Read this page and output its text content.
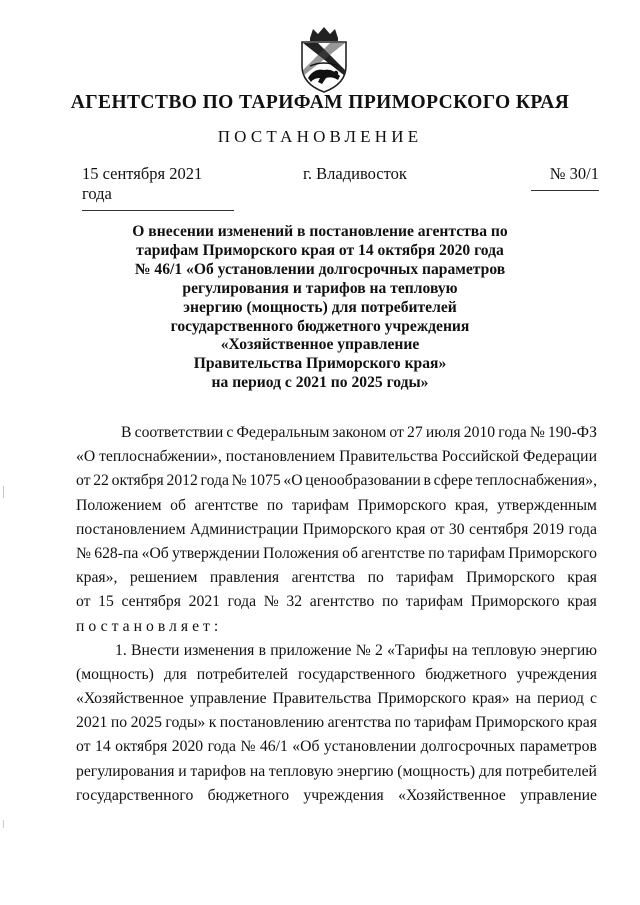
АГЕНТСТВО ПО ТАРИФАМ ПРИМОРСКОГО КРАЯ
ПОСТАНОВЛЕНИЕ
15 сентября 2021 года
г. Владивосток	№ 30/1
О внесении изменений в постановление агентства по
тарифам Приморского края от 14 октября 2020 года
№ 46/1 «Об установлении долгосрочных параметров
регулирования и тарифов на тепловую
энергию (мощность) для потребителей
государственного бюджетного учреждения
«Хозяйственное управление
Правительства Приморского края»
на период с 2021 по 2025 годы»
В соответствии с Федеральным законом от 27 июля 2010 года № 190-ФЗ
«О теплоснабжении», постановлением Правительства Российской Федерации
от 22 октября 2012 года № 1075 «О ценообразовании в сфере теплоснабжения»,
Положением об агентстве по тарифам Приморского края, утвержденным
постановлением Администрации Приморского края от 30 сентября 2019 года
№ 628-па «Об утверждении Положения об агентстве по тарифам Приморского
края», решением правления агентства по тарифам Приморского края
от 15 сентября 2021 года № 32 агентство по тарифам Приморского края
постановляет:
1. Внести изменения в приложение № 2 «Тарифы на тепловую энергию
(мощность) для потребителей государственного бюджетного учреждения
«Хозяйственное управление Правительства Приморского края» на период с
2021 по 2025 годы» к постановлению агентства по тарифам Приморского края
от 14 октября 2020 года № 46/1 «Об установлении долгосрочных параметров
регулирования и тарифов на тепловую энергию (мощность) для потребителей
государственного бюджетного учреждения «Хозяйственное управление
